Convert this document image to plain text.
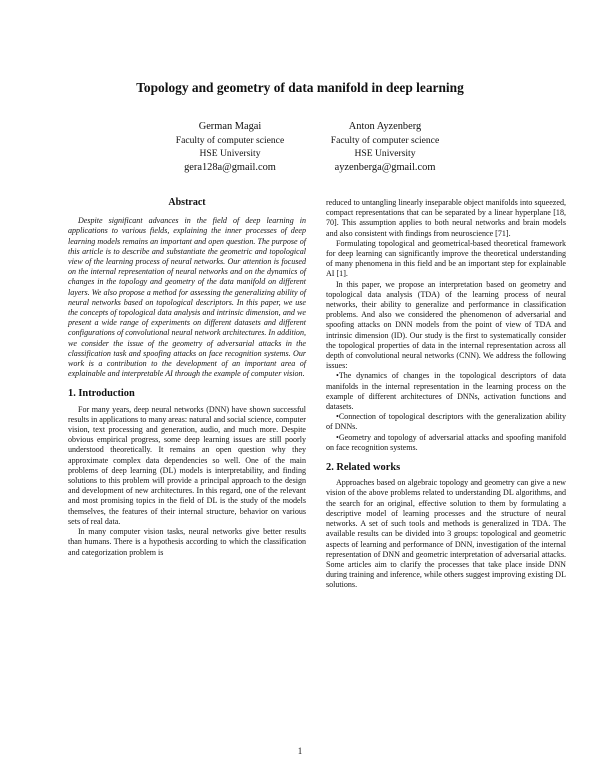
Topology and geometry of data manifold in deep learning
German Magai
Faculty of computer science
HSE University
gera128a@gmail.com
Anton Ayzenberg
Faculty of computer science
HSE University
ayzenberga@gmail.com
Abstract

Despite significant advances in the field of deep learning in applications to various fields, explaining the inner processes of deep learning models remains an important and open question. The purpose of this article is to describe and substantiate the geometric and topological view of the learning process of neural networks. Our attention is focused on the internal representation of neural networks and on the dynamics of changes in the topology and geometry of the data manifold on different layers. We also propose a method for assessing the generalizing ability of neural networks based on topological descriptors. In this paper, we use the concepts of topological data analysis and intrinsic dimension, and we present a wide range of experiments on different datasets and different configurations of convolutional neural network architectures. In addition, we consider the issue of the geometry of adversarial attacks in the classification task and spoofing attacks on face recognition systems. Our work is a contribution to the development of an important area of explainable and interpretable AI through the example of computer vision.

1. Introduction

For many years, deep neural networks (DNN) have shown successful results in applications to many areas: natural and social science, computer vision, text processing and generation, audio, and much more. Despite obvious empirical progress, some deep learning issues are still poorly understood theoretically. It remains an open question why they approximate complex data dependencies so well. One of the main problems of deep learning (DL) models is interpretability, and finding solutions to this problem will provide a principal approach to the design and development of new architectures. In this regard, one of the relevant and most promising topics in the field of DL is the study of the models themselves, the features of their internal structure, behavior on various sets of real data.

In many computer vision tasks, neural networks give better results than humans. There is a hypothesis according to which the classification and categorization problem is

reduced to untangling linearly inseparable object manifolds into squeezed, compact representations that can be separated by a linear hyperplane [18, 70]. This assumption applies to both neural networks and brain models and also consistent with findings from neuroscience [71].

Formulating topological and geometrical-based theoretical framework for deep learning can significantly improve the theoretical understanding of many phenomena in this field and be an important step for explainable AI [1].

In this paper, we propose an interpretation based on geometry and topological data analysis (TDA) of the learning process of neural networks, their ability to generalize and performance in classification problems. And also we considered the phenomenon of adversarial and spoofing attacks on DNN models from the point of view of TDA and intrinsic dimension (ID). Our study is the first to systematically consider the topological properties of data in the internal representation across all depth of convolutional neural networks (CNN). We address the following issues:

•The dynamics of changes in the topological descriptors of data manifolds in the internal representation in the learning process on the example of different architectures of DNNs, activation functions and datasets.

•Connection of topological descriptors with the generalization ability of DNNs.

•Geometry and topology of adversarial attacks and spoofing manifold on face recognition systems.

2. Related works

Approaches based on algebraic topology and geometry can give a new vision of the above problems related to understanding DL algorithms, and the search for an original, effective solution to them by formulating a descriptive model of learning processes and the structure of neural networks. A set of such tools and methods is generalized in TDA. The available results can be divided into 3 groups: topological and geometric aspects of learning and performance of DNN, investigation of the internal representation of DNN and geometric interpretation of adversarial attacks. Some articles aim to clarify the processes that take place inside DNN during training and inference, while others suggest improving existing DL solutions.

1
